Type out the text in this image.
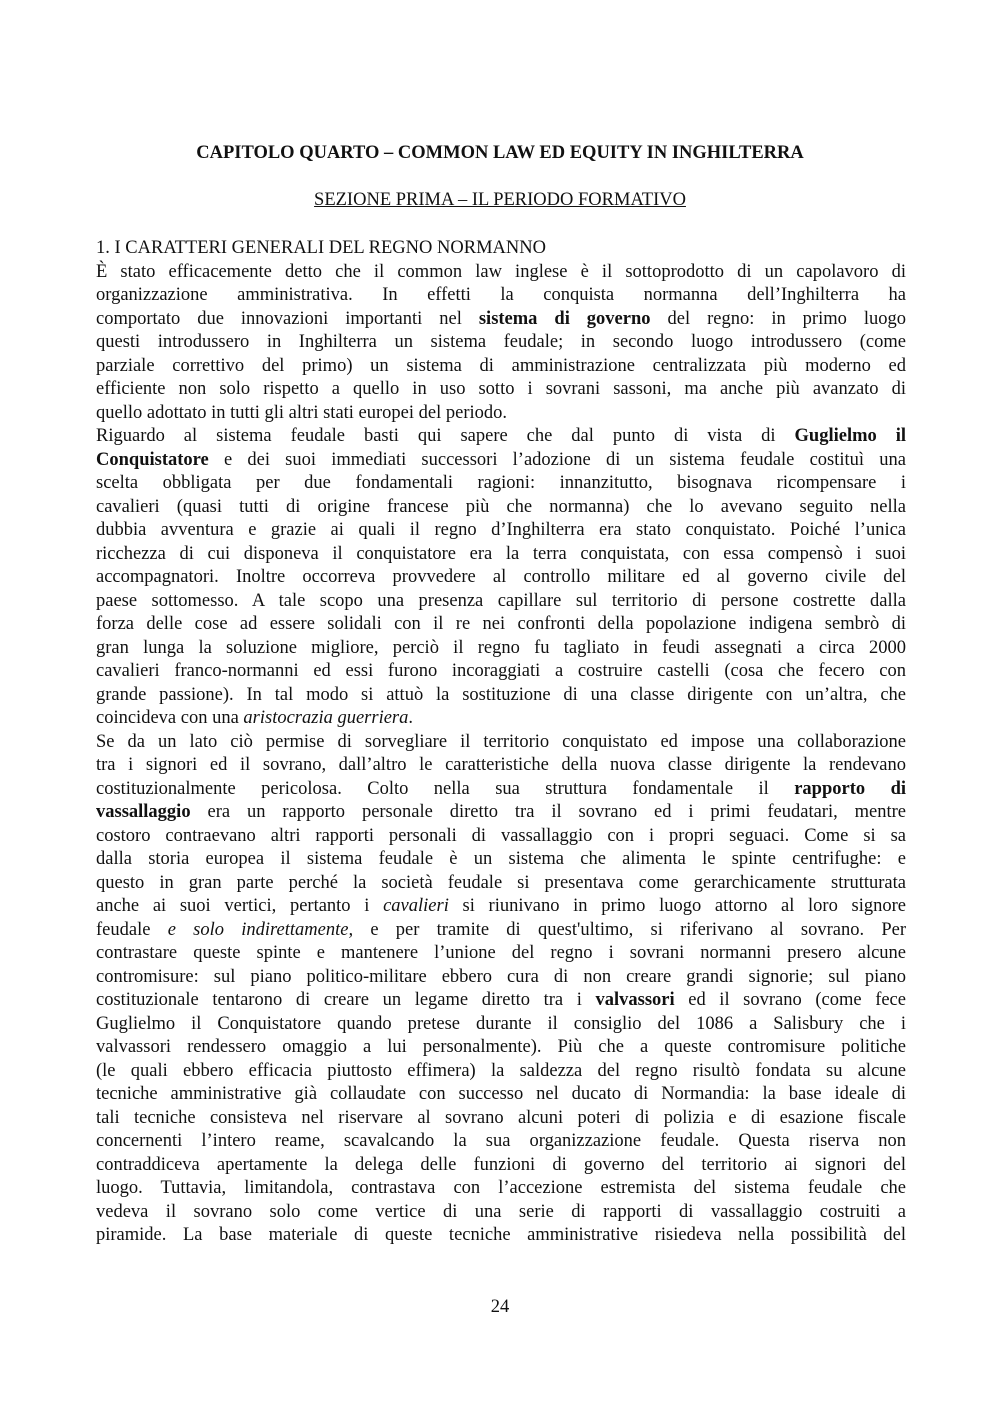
CAPITOLO QUARTO – COMMON LAW ED EQUITY IN INGHILTERRA
SEZIONE PRIMA – IL PERIODO FORMATIVO
1. I CARATTERI GENERALI DEL REGNO NORMANNO
È stato efficacemente detto che il common law inglese è il sottoprodotto di un capolavoro di
organizzazione amministrativa. In effetti la conquista normanna dell’Inghilterra ha
comportato due innovazioni importanti nel sistema di governo del regno: in primo luogo
questi introdussero in Inghilterra un sistema feudale; in secondo luogo introdussero (come
parziale correttivo del primo) un sistema di amministrazione centralizzata più moderno ed
efficiente non solo rispetto a quello in uso sotto i sovrani sassoni, ma anche più avanzato di
quello adottato in tutti gli altri stati europei del periodo.
Riguardo al sistema feudale basti qui sapere che dal punto di vista di Guglielmo il
Conquistatore e dei suoi immediati successori l’adozione di un sistema feudale costituì una
scelta obbligata per due fondamentali ragioni: innanzitutto, bisognava ricompensare i
cavalieri (quasi tutti di origine francese più che normanna) che lo avevano seguito nella
dubbia avventura e grazie ai quali il regno d’Inghilterra era stato conquistato. Poiché l’unica
ricchezza di cui disponeva il conquistatore era la terra conquistata, con essa compensò i suoi
accompagnatori. Inoltre occorreva provvedere al controllo militare ed al governo civile del
paese sottomesso. A tale scopo una presenza capillare sul territorio di persone costrette dalla
forza delle cose ad essere solidali con il re nei confronti della popolazione indigena sembrò di
gran lunga la soluzione migliore, perciò il regno fu tagliato in feudi assegnati a circa 2000
cavalieri franco-normanni ed essi furono incoraggiati a costruire castelli (cosa che fecero con
grande passione). In tal modo si attuò la sostituzione di una classe dirigente con un’altra, che
coincideva con una aristocrazia guerriera.
Se da un lato ciò permise di sorvegliare il territorio conquistato ed impose una collaborazione
tra i signori ed il sovrano, dall’altro le caratteristiche della nuova classe dirigente la rendevano
costituzionalmente pericolosa. Colto nella sua struttura fondamentale il rapporto di
vassallaggio era un rapporto personale diretto tra il sovrano ed i primi feudatari, mentre
costoro contraevano altri rapporti personali di vassallaggio con i propri seguaci. Come si sa
dalla storia europea il sistema feudale è un sistema che alimenta le spinte centrifughe: e
questo in gran parte perché la società feudale si presentava come gerarchicamente strutturata
anche ai suoi vertici, pertanto i cavalieri si riunivano in primo luogo attorno al loro signore
feudale e solo indirettamente, e per tramite di quest'ultimo, si riferivano al sovrano. Per
contrastare queste spinte e mantenere l’unione del regno i sovrani normanni presero alcune
contromisure: sul piano politico-militare ebbero cura di non creare grandi signorie; sul piano
costituzionale tentarono di creare un legame diretto tra i valvassori ed il sovrano (come fece
Guglielmo il Conquistatore quando pretese durante il consiglio del 1086 a Salisbury che i
valvassori rendessero omaggio a lui personalmente). Più che a queste contromisure politiche
(le quali ebbero efficacia piuttosto effimera) la saldezza del regno risultò fondata su alcune
tecniche amministrative già collaudate con successo nel ducato di Normandia: la base ideale di
tali tecniche consisteva nel riservare al sovrano alcuni poteri di polizia e di esazione fiscale
concernenti l’intero reame, scavalcando la sua organizzazione feudale. Questa riserva non
contraddiceva apertamente la delega delle funzioni di governo del territorio ai signori del
luogo. Tuttavia, limitandola, contrastava con l’accezione estremista del sistema feudale che
vedeva il sovrano solo come vertice di una serie di rapporti di vassallaggio costruiti a
piramide. La base materiale di queste tecniche amministrative risiedeva nella possibilità del
24
